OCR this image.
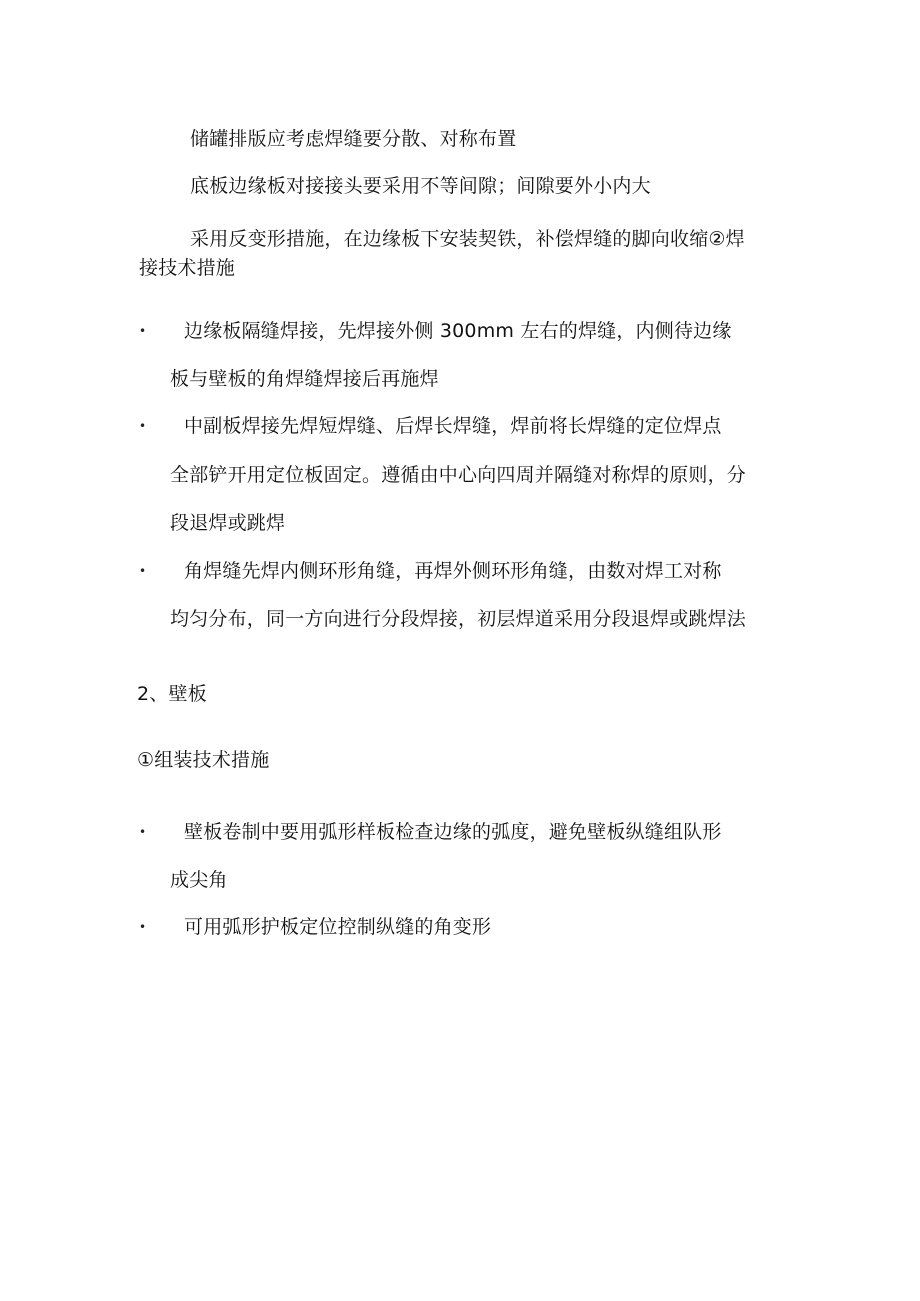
储罐排版应考虑焊缝要分散、对称布置
底板边缘板对接接头要采用不等间隙；间隙要外小内大
采用反变形措施，在边缘板下安装契铁，补偿焊缝的脚向收缩②焊
接技术措施
• 边缘板隔缝焊接，先焊接外侧 300mm 左右的焊缝，内侧待边缘
板与壁板的角焊缝焊接后再施焊
• 中副板焊接先焊短焊缝、后焊长焊缝，焊前将长焊缝的定位焊点
全部铲开用定位板固定。遵循由中心向四周并隔缝对称焊的原则，分
段退焊或跳焊
• 角焊缝先焊内侧环形角缝，再焊外侧环形角缝，由数对焊工对称
均匀分布，同一方向进行分段焊接，初层焊道采用分段退焊或跳焊法
2、壁板
①组装技术措施
• 壁板卷制中要用弧形样板检查边缘的弧度，避免壁板纵缝组队形
成尖角
• 可用弧形护板定位控制纵缝的角变形
